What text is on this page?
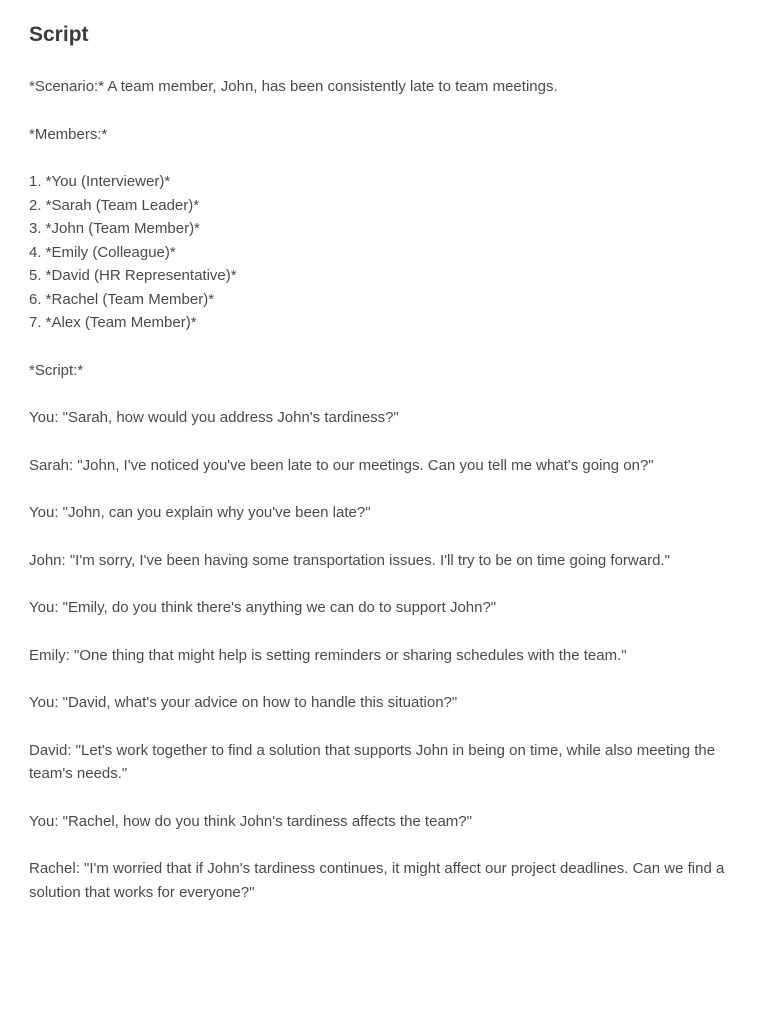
Script

*Scenario:* A team member, John, has been consistently late to team meetings.

*Members:*

1. *You (Interviewer)*
2. *Sarah (Team Leader)*
3. *John (Team Member)*
4. *Emily (Colleague)*
5. *David (HR Representative)*
6. *Rachel (Team Member)*
7. *Alex (Team Member)*

*Script:*

You: "Sarah, how would you address John's tardiness?"

Sarah: "John, I've noticed you've been late to our meetings. Can you tell me what's going on?"

You: "John, can you explain why you've been late?"

John: "I'm sorry, I've been having some transportation issues. I'll try to be on time going forward."

You: "Emily, do you think there's anything we can do to support John?"

Emily: "One thing that might help is setting reminders or sharing schedules with the team."

You: "David, what's your advice on how to handle this situation?"

David: "Let's work together to find a solution that supports John in being on time, while also meeting the team's needs."

You: "Rachel, how do you think John's tardiness affects the team?"

Rachel: "I'm worried that if John's tardiness continues, it might affect our project deadlines. Can we find a solution that works for everyone?"
